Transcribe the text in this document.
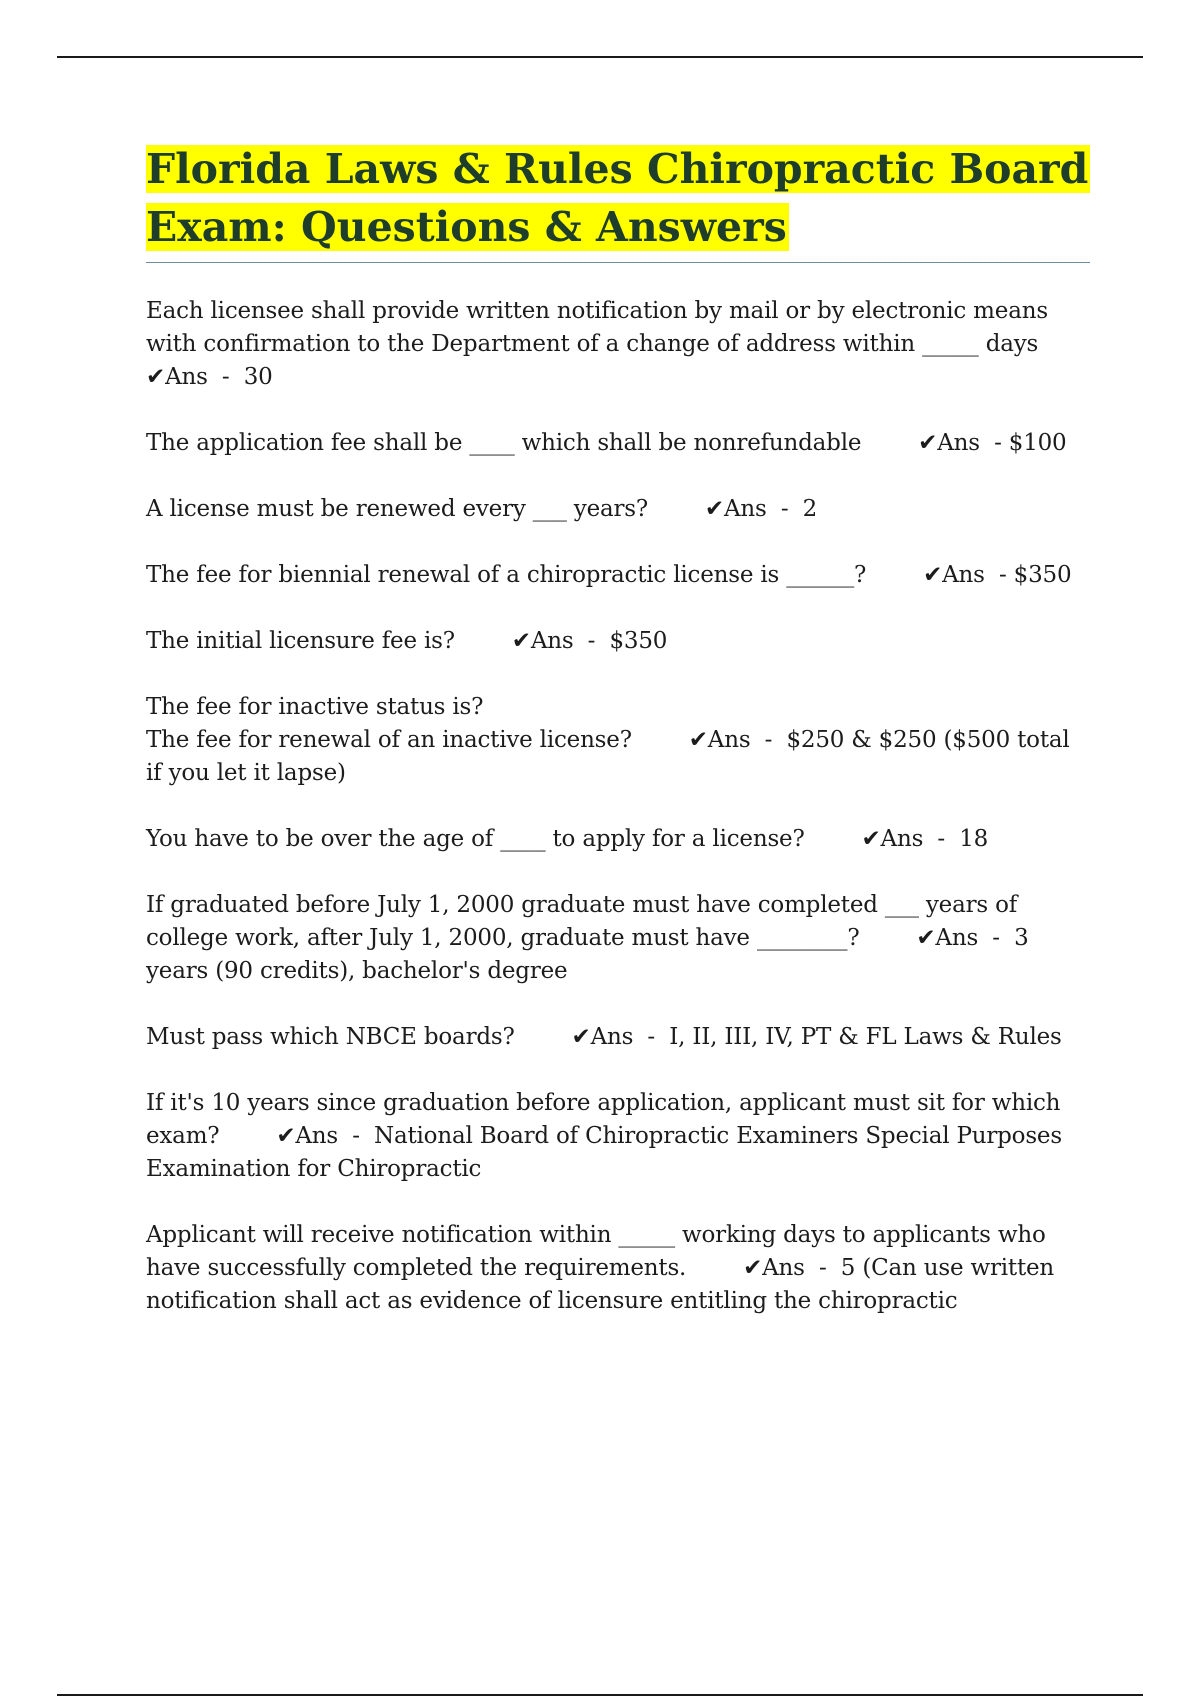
Florida Laws & Rules Chiropractic Board Exam: Questions & Answers
Each licensee shall provide written notification by mail or by electronic means with confirmation to the Department of a change of address within _____ days
✔Ans  -  30
The application fee shall be ____ which shall be nonrefundable        ✔Ans  - $100
A license must be renewed every ___ years?        ✔Ans  -  2
The fee for biennial renewal of a chiropractic license is ______?        ✔Ans  - $350
The initial licensure fee is?        ✔Ans  -  $350
The fee for inactive status is?
The fee for renewal of an inactive license?        ✔Ans  -  $250 & $250 ($500 total if you let it lapse)
You have to be over the age of ____ to apply for a license?        ✔Ans  -  18
If graduated before July 1, 2000 graduate must have completed ___ years of college work, after July 1, 2000, graduate must have ________?        ✔Ans  -  3 years (90 credits), bachelor's degree
Must pass which NBCE boards?        ✔Ans  -  I, II, III, IV, PT & FL Laws & Rules
If it's 10 years since graduation before application, applicant must sit for which exam?        ✔Ans  -  National Board of Chiropractic Examiners Special Purposes Examination for Chiropractic
Applicant will receive notification within _____ working days to applicants who have successfully completed the requirements.        ✔Ans  -  5 (Can use written notification shall act as evidence of licensure entitling the chiropractic
